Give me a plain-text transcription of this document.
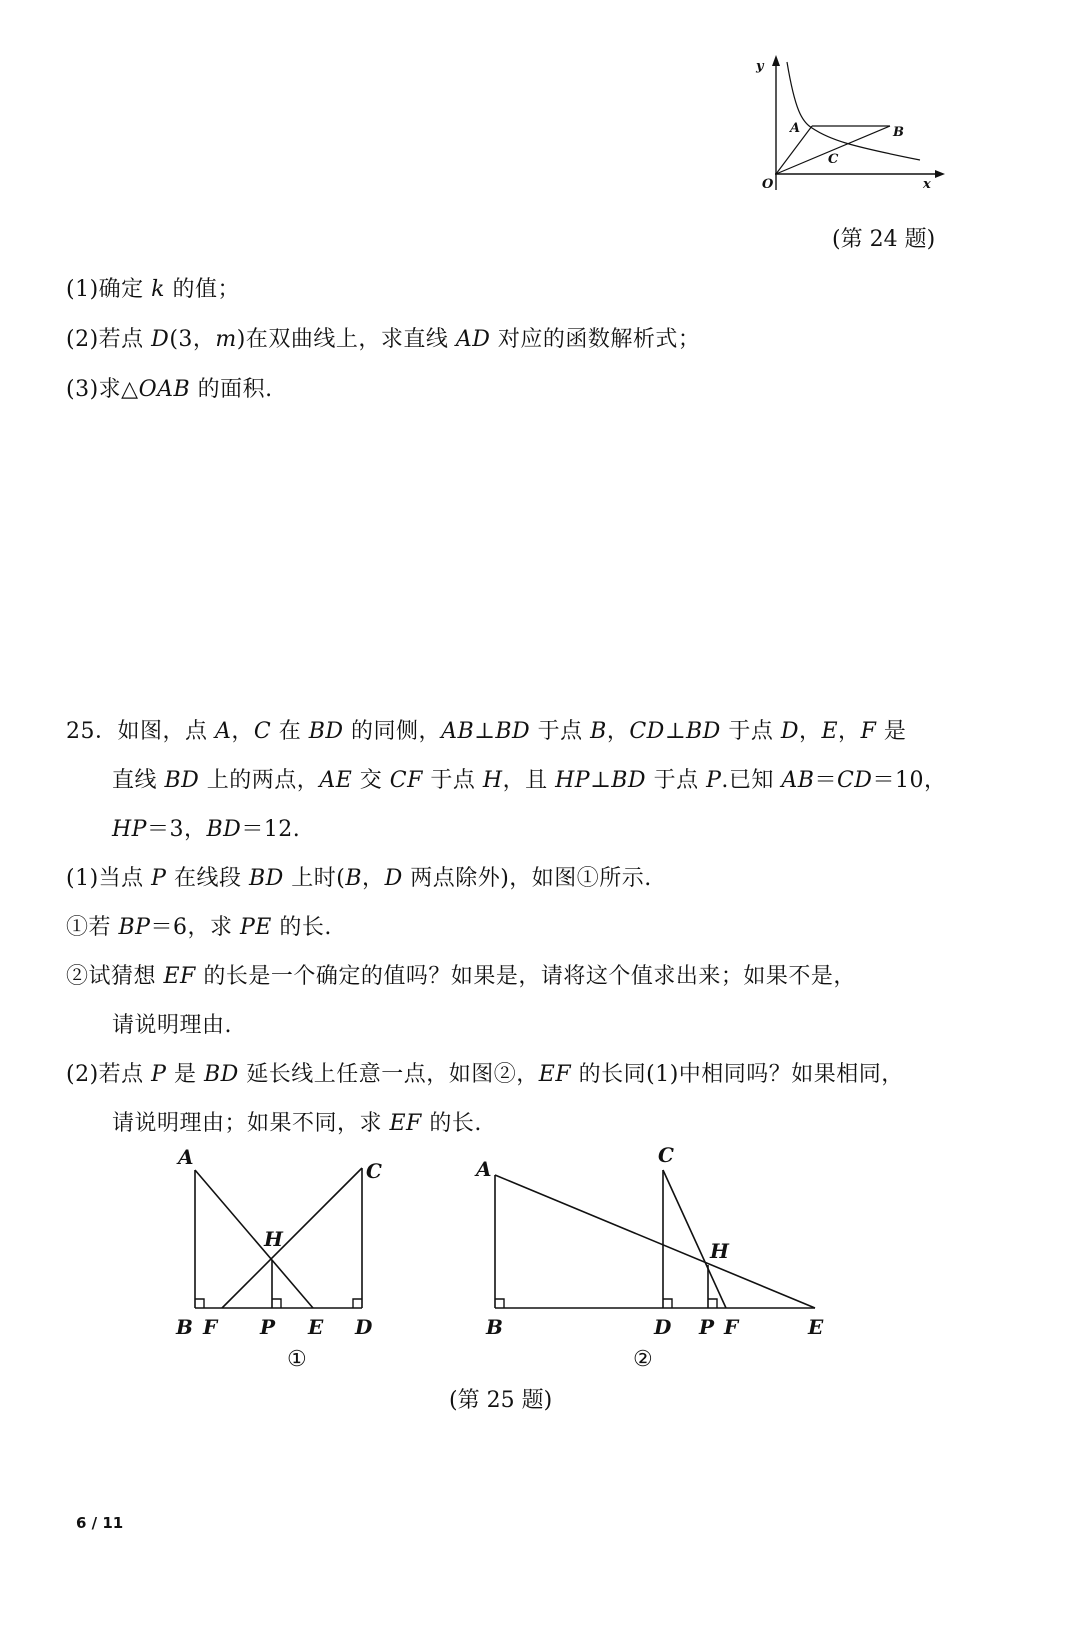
y
x
O
A	B
C
(第 24 题)
(1)确定 k 的值；
(2)若点 D(3，m)在双曲线上，求直线 AD 对应的函数解析式；
(3)求△OAB 的面积.
25．如图，点 A，C 在 BD 的同侧，AB⊥BD 于点 B，CD⊥BD 于点 D，E，F 是
直线 BD 上的两点，AE 交 CF 于点 H，且 HP⊥BD 于点 P.已知 AB＝CD＝10，
HP＝3，BD＝12.
(1)当点 P 在线段 BD 上时(B，D 两点除外)，如图①所示.
①若 BP＝6，求 PE 的长.
②试猜想 EF 的长是一个确定的值吗？如果是，请将这个值求出来；如果不是，
请说明理由.
(2)若点 P 是 BD 延长线上任意一点，如图②，EF 的长同(1)中相同吗？如果相同，
请说明理由；如果不同，求 EF 的长.
A
C
H
B F P E D
①
A
C
H
B	D P F	E
②
(第 25 题)
6 / 11
